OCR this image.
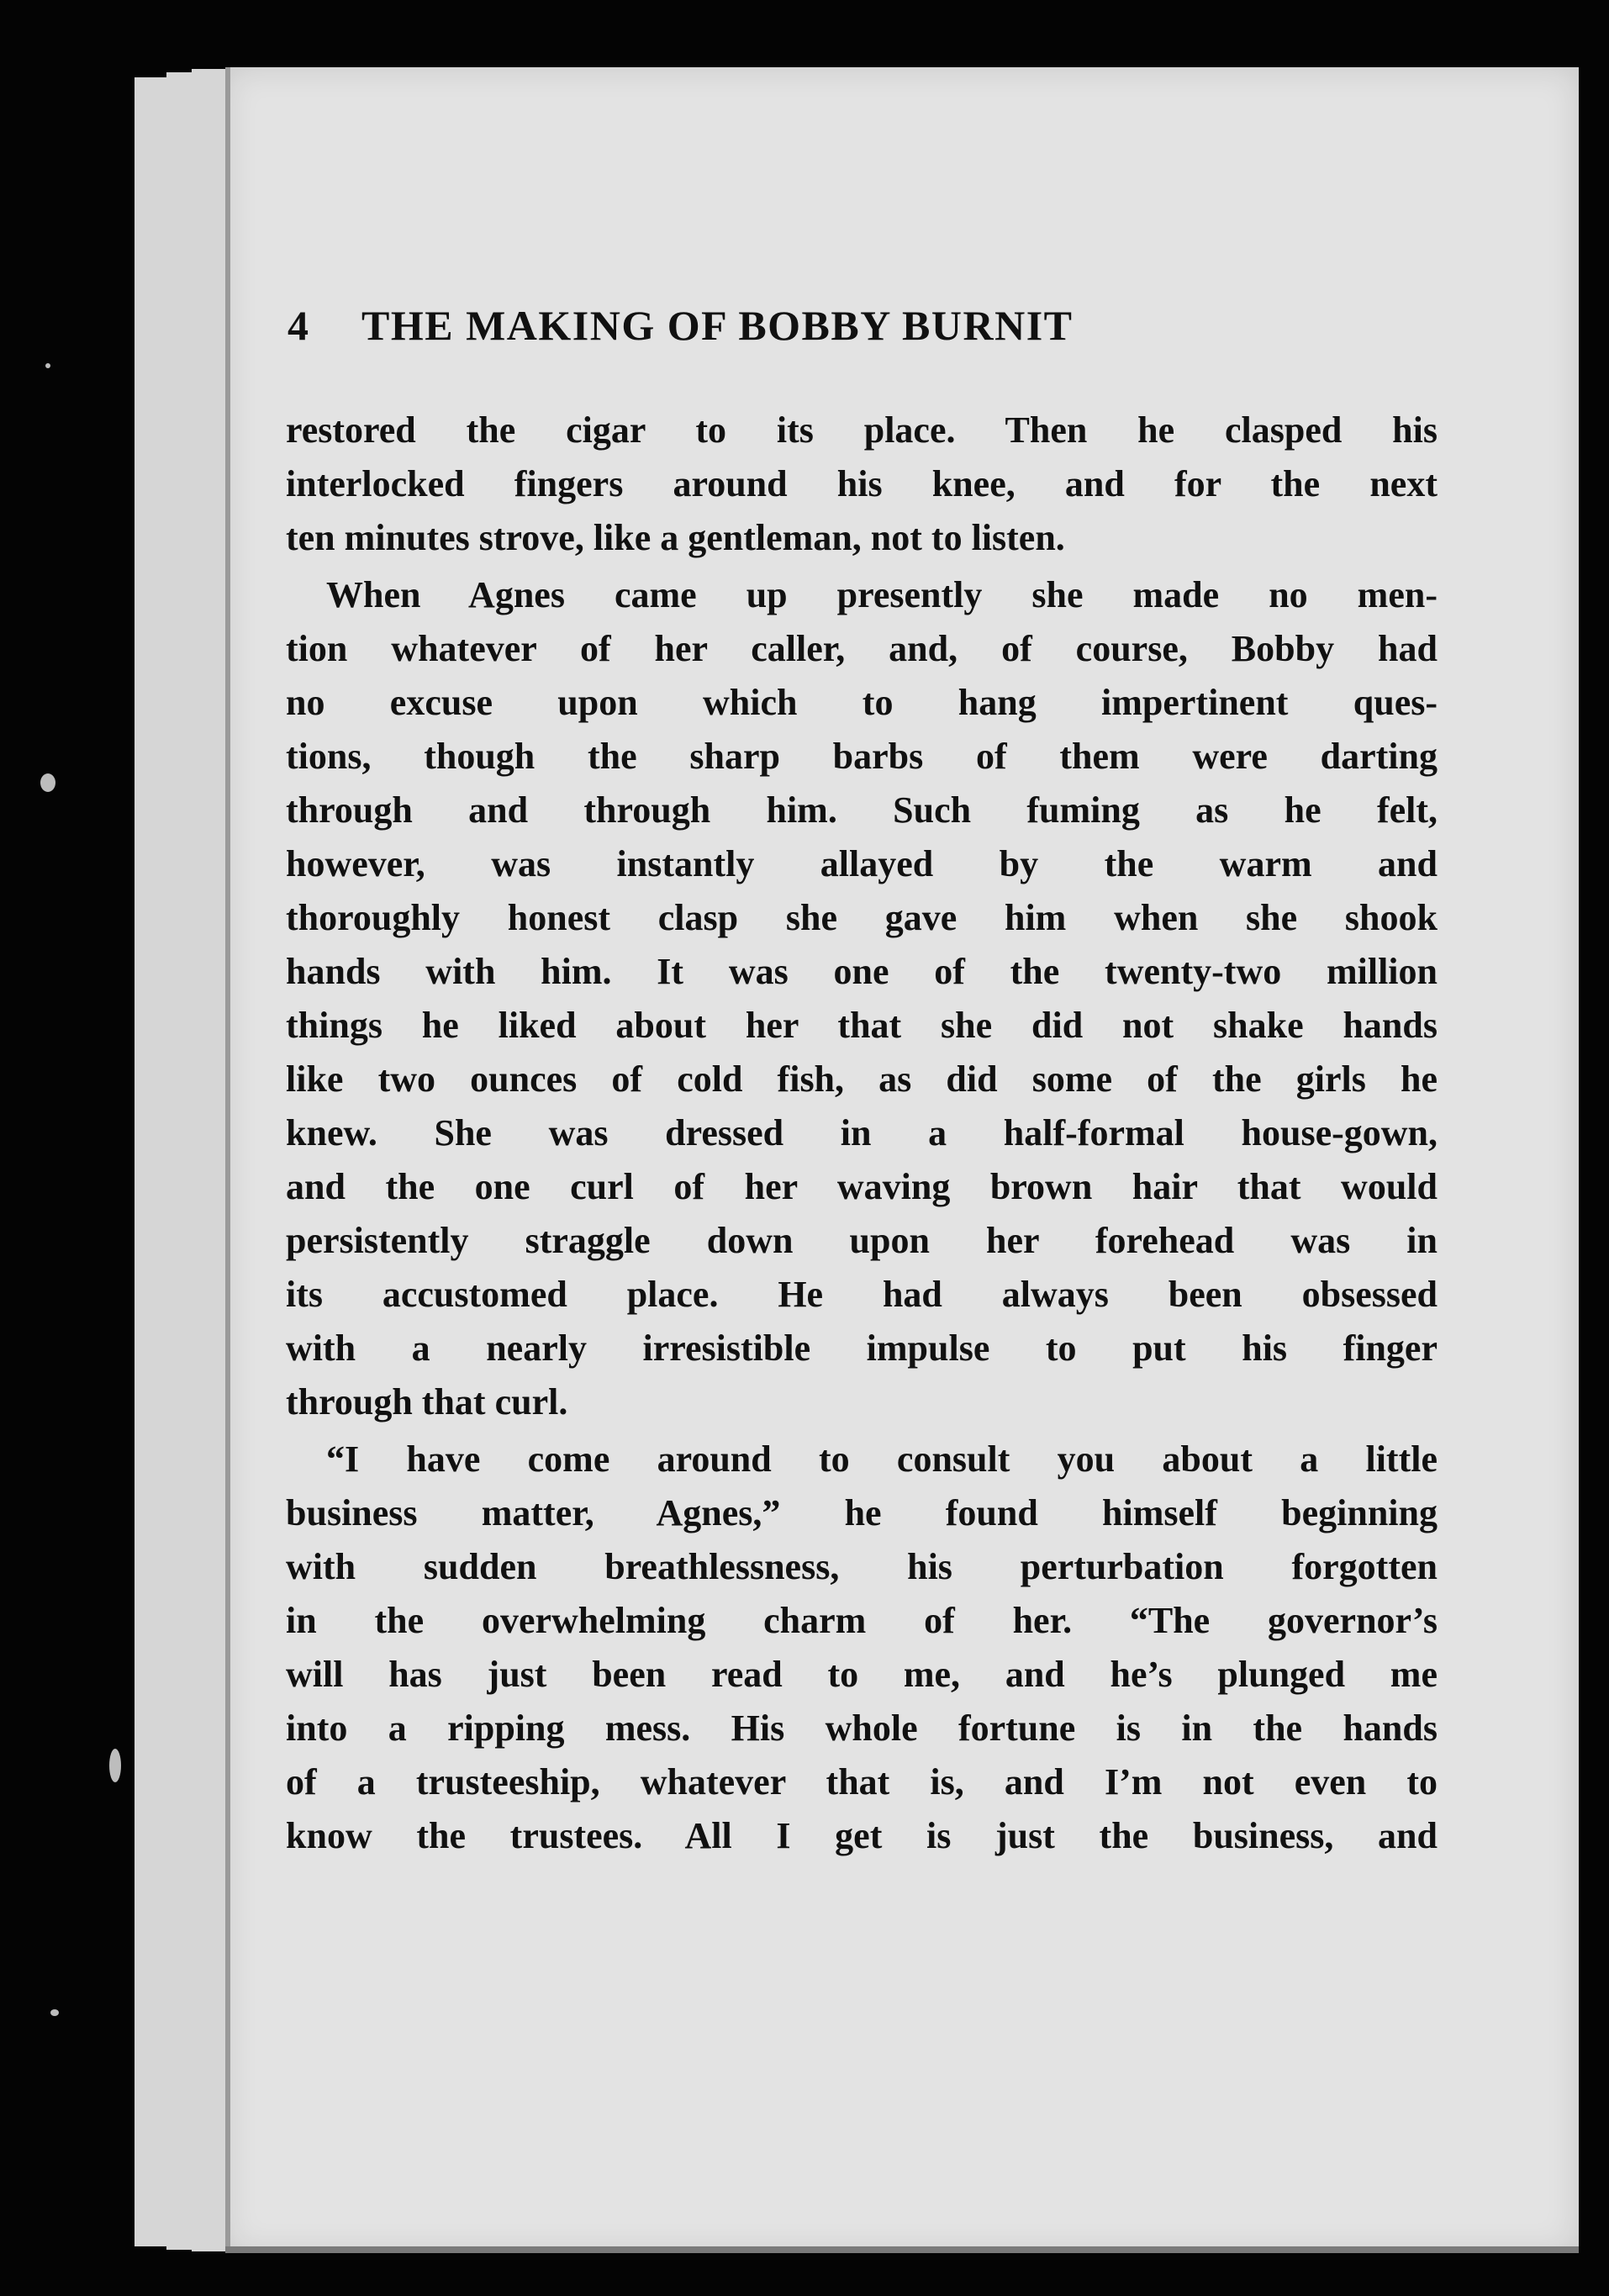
4 THE MAKING OF BOBBY BURNIT
restored the cigar to its place. Then he clasped his
interlocked fingers around his knee, and for the next
ten minutes strove, like a gentleman, not to listen.
When Agnes came up presently she made no men-
tion whatever of her caller, and, of course, Bobby had
no excuse upon which to hang impertinent ques-
tions, though the sharp barbs of them were darting
through and through him. Such fuming as he felt,
however, was instantly allayed by the warm and
thoroughly honest clasp she gave him when she shook
hands with him. It was one of the twenty-two million
things he liked about her that she did not shake hands
like two ounces of cold fish, as did some of the girls he
knew. She was dressed in a half-formal house-gown,
and the one curl of her waving brown hair that would
persistently straggle down upon her forehead was in
its accustomed place. He had always been obsessed
with a nearly irresistible impulse to put his finger
through that curl.
“I have come around to consult you about a little
business matter, Agnes,” he found himself beginning
with sudden breathlessness, his perturbation forgotten
in the overwhelming charm of her. “The governor’s
will has just been read to me, and he’s plunged me
into a ripping mess. His whole fortune is in the hands
of a trusteeship, whatever that is, and I’m not even to
know the trustees. All I get is just the business, and
